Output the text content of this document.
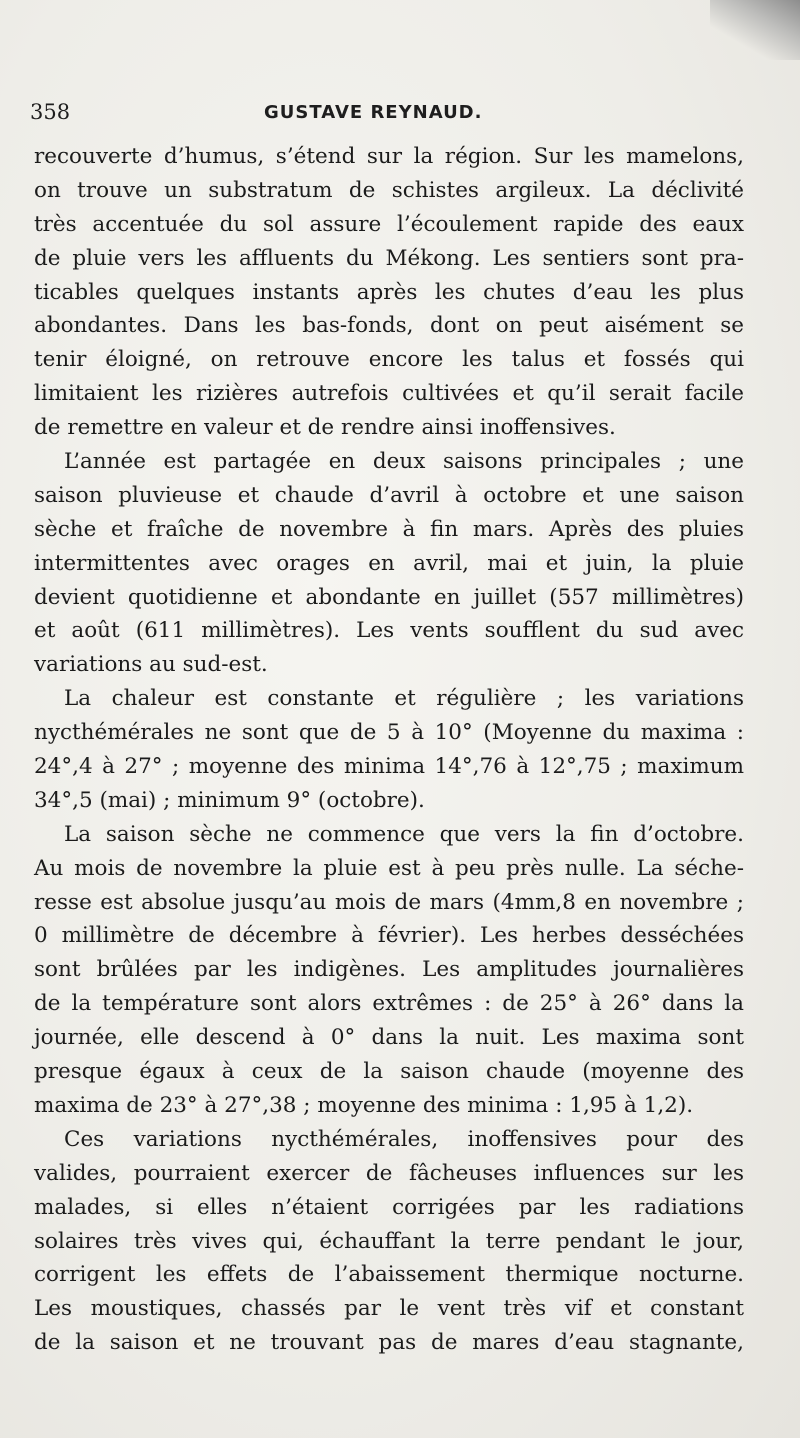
358	GUSTAVE REYNAUD.
recouverte d’humus, s’étend sur la région. Sur les mamelons,
on trouve un substratum de schistes argileux. La déclivité
très accentuée du sol assure l’écoulement rapide des eaux
de pluie vers les affluents du Mékong. Les sentiers sont pra-
ticables quelques instants après les chutes d’eau les plus
abondantes. Dans les bas-fonds, dont on peut aisément se
tenir éloigné, on retrouve encore les talus et fossés qui
limitaient les rizières autrefois cultivées et qu’il serait facile
de remettre en valeur et de rendre ainsi inoffensives.
L’année est partagée en deux saisons principales ; une
saison pluvieuse et chaude d’avril à octobre et une saison
sèche et fraîche de novembre à fin mars. Après des pluies
intermittentes avec orages en avril, mai et juin, la pluie
devient quotidienne et abondante en juillet (557 millimètres)
et août (611 millimètres). Les vents soufflent du sud avec
variations au sud-est.
La chaleur est constante et régulière ; les variations
nycthémérales ne sont que de 5 à 10° (Moyenne du maxima :
24°,4 à 27° ; moyenne des minima 14°,76 à 12°,75 ; maximum
34°,5 (mai) ; minimum 9° (octobre).
La saison sèche ne commence que vers la fin d’octobre.
Au mois de novembre la pluie est à peu près nulle. La séche-
resse est absolue jusqu’au mois de mars (4mm,8 en novembre ;
0 millimètre de décembre à février). Les herbes desséchées
sont brûlées par les indigènes. Les amplitudes journalières
de la température sont alors extrêmes : de 25° à 26° dans la
journée, elle descend à 0° dans la nuit. Les maxima sont
presque égaux à ceux de la saison chaude (moyenne des
maxima de 23° à 27°,38 ; moyenne des minima : 1,95 à 1,2).
Ces variations nycthémérales, inoffensives pour des
valides, pourraient exercer de fâcheuses influences sur les
malades, si elles n’étaient corrigées par les radiations
solaires très vives qui, échauffant la terre pendant le jour,
corrigent les effets de l’abaissement thermique nocturne.
Les moustiques, chassés par le vent très vif et constant
de la saison et ne trouvant pas de mares d’eau stagnante,
